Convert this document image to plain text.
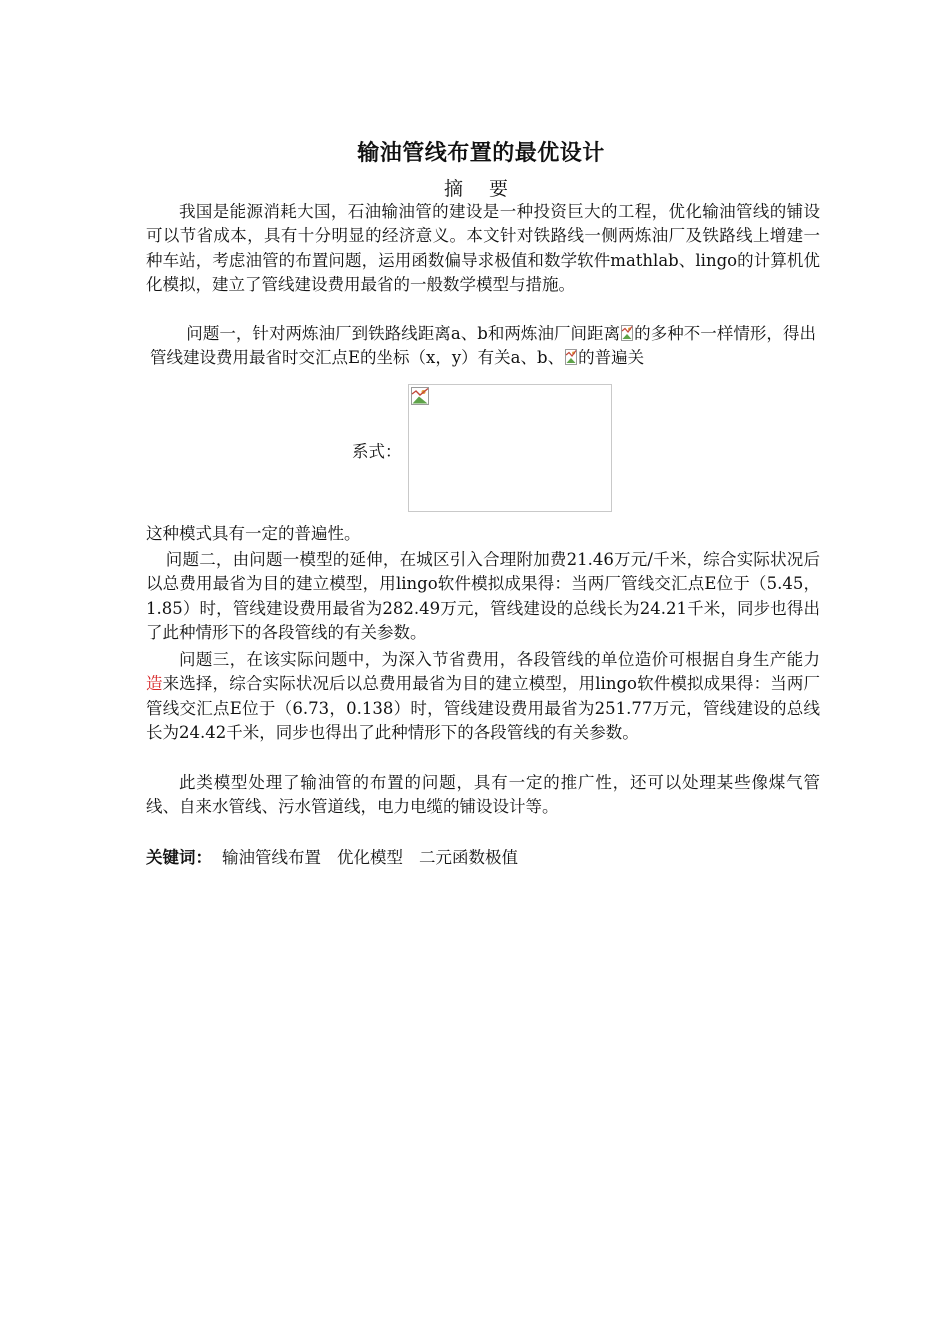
输油管线布置的最优设计
摘 要

我国是能源消耗大国，石油输油管的建设是一种投资巨大的工程，优化输油管线的铺设可以节省成本，具有十分明显的经济意义。本文针对铁路线一侧两炼油厂及铁路线上增建一种车站，考虑油管的布置问题，运用函数偏导求极值和数学软件mathlab、lingo的计算机优化模拟，建立了管线建设费用最省的一般数学模型与措施。

问题一，针对两炼油厂到铁路线距离a、b和两炼油厂间距离 的多种不一样情形，得出管线建设费用最省时交汇点E的坐标（x，y）有关a、b、 的普遍关

系式：

这种模式具有一定的普遍性。

问题二，由问题一模型的延伸，在城区引入合理附加费21.46万元/千米，综合实际状况后以总费用最省为目的建立模型，用lingo软件模拟成果得：当两厂管线交汇点E位于（5.45，1.85）时，管线建设费用最省为282.49万元，管线建设的总线长为24.21千米，同步也得出了此种情形下的各段管线的有关参数。

问题三，在该实际问题中，为深入节省费用，各段管线的单位造价可根据自身生产能力造来选择，综合实际状况后以总费用最省为目的建立模型，用lingo软件模拟成果得：当两厂管线交汇点E位于（6.73，0.138）时，管线建设费用最省为251.77万元，管线建设的总线长为24.42千米，同步也得出了此种情形下的各段管线的有关参数。

此类模型处理了输油管的布置的问题，具有一定的推广性，还可以处理某些像煤气管线、自来水管线、污水管道线，电力电缆的铺设设计等。

关键词： 输油管线布置 优化模型 二元函数极值
